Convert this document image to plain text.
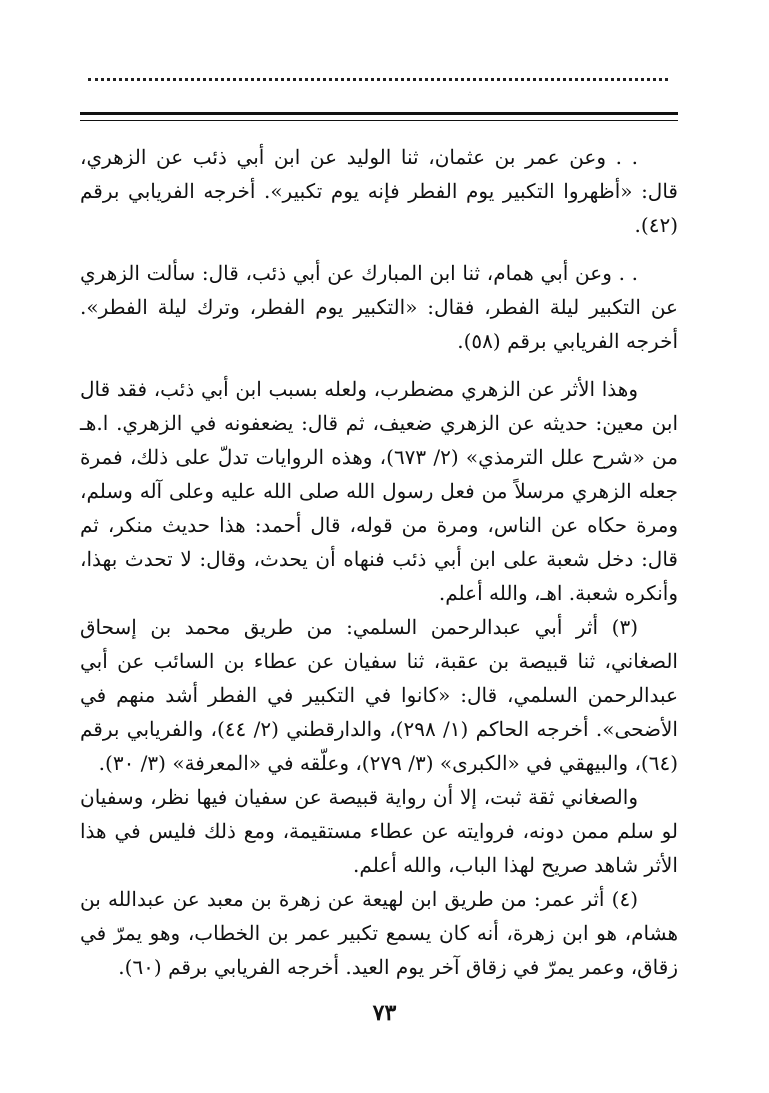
. . وعن عمر بن عثمان، ثنا الوليد عن ابن أبي ذئب عن الزهري، قال: «أظهروا التكبير يوم الفطر فإنه يوم تكبير». أخرجه الفريابي برقم (٤٢).

. . وعن أبي همام، ثنا ابن المبارك عن أبي ذئب، قال: سألت الزهري عن التكبير ليلة الفطر، فقال: «التكبير يوم الفطر، وترك ليلة الفطر». أخرجه الفريابي برقم (٥٨).

وهذا الأثر عن الزهري مضطرب، ولعله بسبب ابن أبي ذئب، فقد قال ابن معين: حديثه عن الزهري ضعيف، ثم قال: يضعفونه في الزهري. ا.هـ من «شرح علل الترمذي» (٢/ ٦٧٣)، وهذه الروايات تدلّ على ذلك، فمرة جعله الزهري مرسلاً من فعل رسول الله صلى الله عليه وعلى آله وسلم، ومرة حكاه عن الناس، ومرة من قوله، قال أحمد: هذا حديث منكر، ثم قال: دخل شعبة على ابن أبي ذئب فنهاه أن يحدث، وقال: لا تحدث بهذا، وأنكره شعبة. اهـ، والله أعلم.

(٣) أثر أبي عبدالرحمن السلمي: من طريق محمد بن إسحاق الصغاني، ثنا قبيصة بن عقبة، ثنا سفيان عن عطاء بن السائب عن أبي عبدالرحمن السلمي، قال: «كانوا في التكبير في الفطر أشد منهم في الأضحى». أخرجه الحاكم (١/ ٢٩٨)، والدارقطني (٢/ ٤٤)، والفريابي برقم (٦٤)، والبيهقي في «الكبرى» (٣/ ٢٧٩)، وعلّقه في «المعرفة» (٣/ ٣٠).

والصغاني ثقة ثبت، إلا أن رواية قبيصة عن سفيان فيها نظر، وسفيان لو سلم ممن دونه، فروايته عن عطاء مستقيمة، ومع ذلك فليس في هذا الأثر شاهد صريح لهذا الباب، والله أعلم.

(٤) أثر عمر: من طريق ابن لهيعة عن زهرة بن معبد عن عبدالله بن هشام، هو ابن زهرة، أنه كان يسمع تكبير عمر بن الخطاب، وهو يمرّ في زقاق، وعمر يمرّ في زقاق آخر يوم العيد. أخرجه الفريابي برقم (٦٠).

٧٣
